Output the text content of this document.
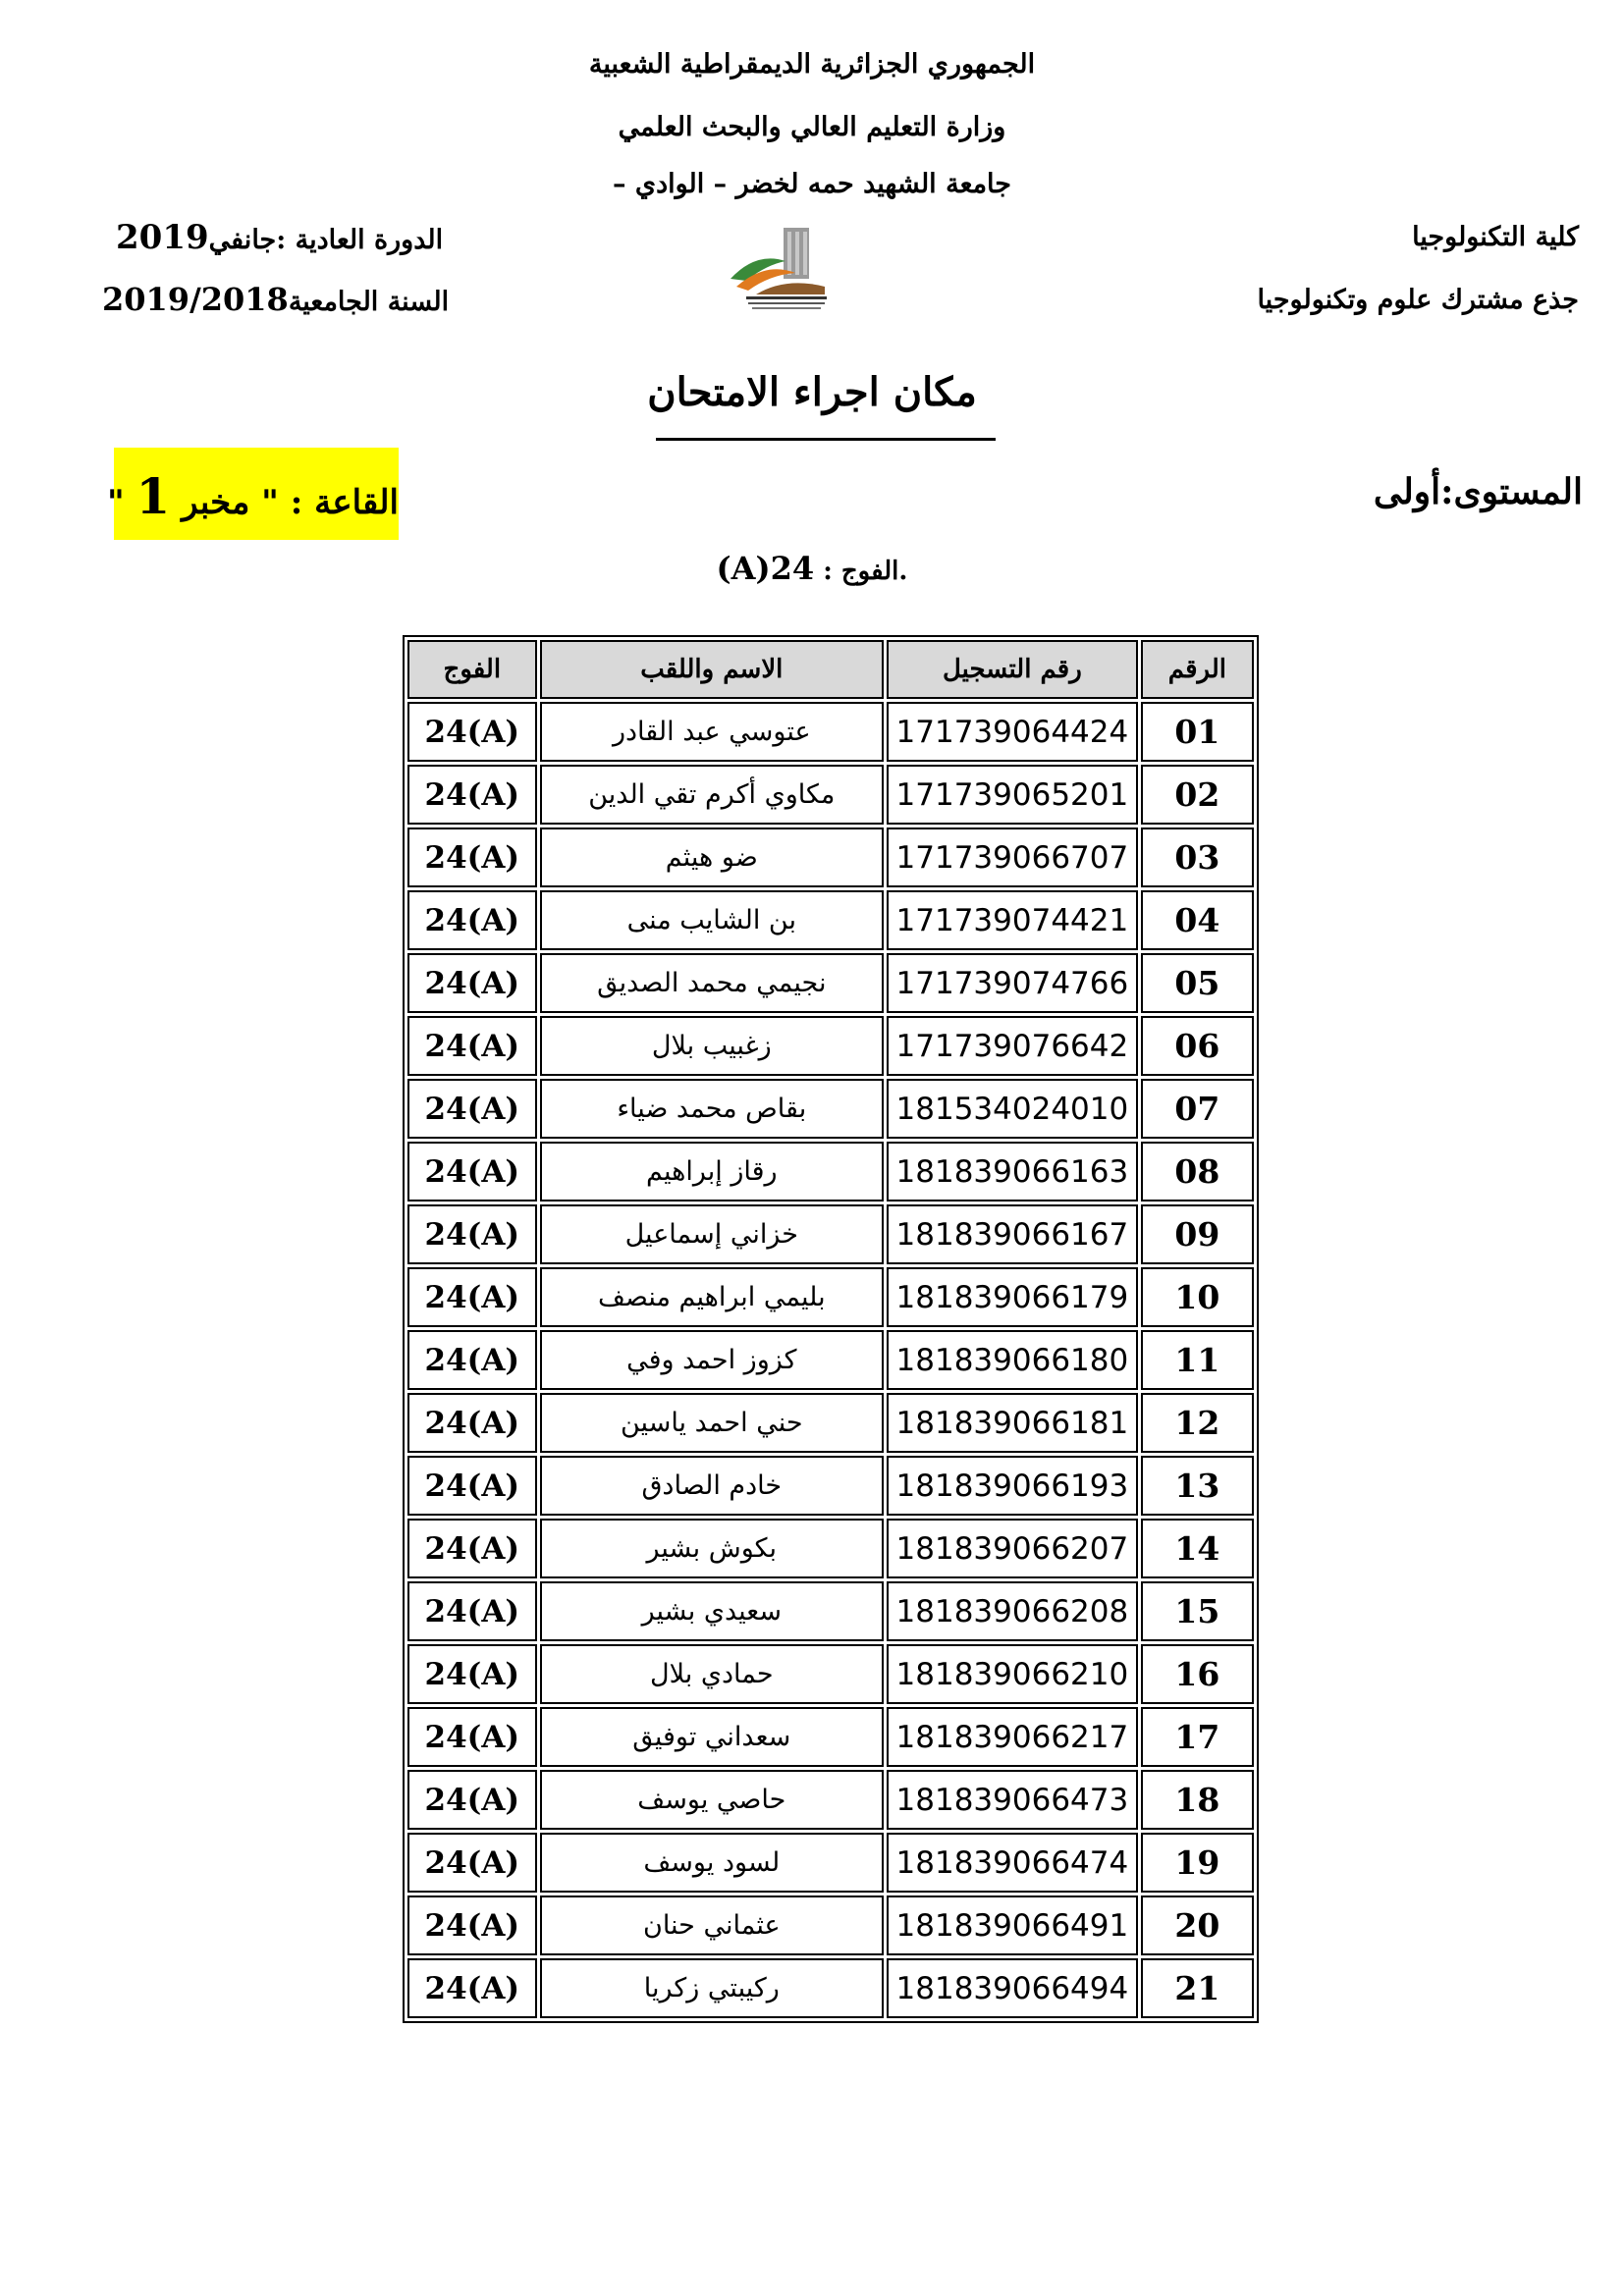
الجمهوري الجزائرية الديمقراطية الشعبية
وزارة التعليم العالي والبحث العلمي
جامعة الشهيد حمه لخضر – الوادي –
كلية التكنولوجيا
جذع مشترك علوم وتكنولوجيا
الدورة العادية :جانفي2019
السنة الجامعية2019/2018
مكان اجراء الامتحان
المستوى:أولى
القاعة : " مخبر 1 "
.الفوج : 24(A)
الرقم	رقم التسجيل	الاسم واللقب	الفوج
01	171739064424	عتوسي عبد القادر	24(A)
02	171739065201	مكاوي أكرم تقي الدين	24(A)
03	171739066707	ضو هيثم	24(A)
04	171739074421	بن الشايب منى	24(A)
05	171739074766	نجيمي محمد الصديق	24(A)
06	171739076642	زغبيب بلال	24(A)
07	181534024010	بقاص محمد ضياء	24(A)
08	181839066163	رقاز إبراهيم	24(A)
09	181839066167	خزاني إسماعيل	24(A)
10	181839066179	بليمي ابراهيم منصف	24(A)
11	181839066180	كزوز احمد وفي	24(A)
12	181839066181	حني احمد ياسين	24(A)
13	181839066193	خادم الصادق	24(A)
14	181839066207	بكوش بشير	24(A)
15	181839066208	سعيدي بشير	24(A)
16	181839066210	حمادي بلال	24(A)
17	181839066217	سعداني توفيق	24(A)
18	181839066473	حاصي يوسف	24(A)
19	181839066474	لسود يوسف	24(A)
20	181839066491	عثماني حنان	24(A)
21	181839066494	ركيبتي زكريا	24(A)
